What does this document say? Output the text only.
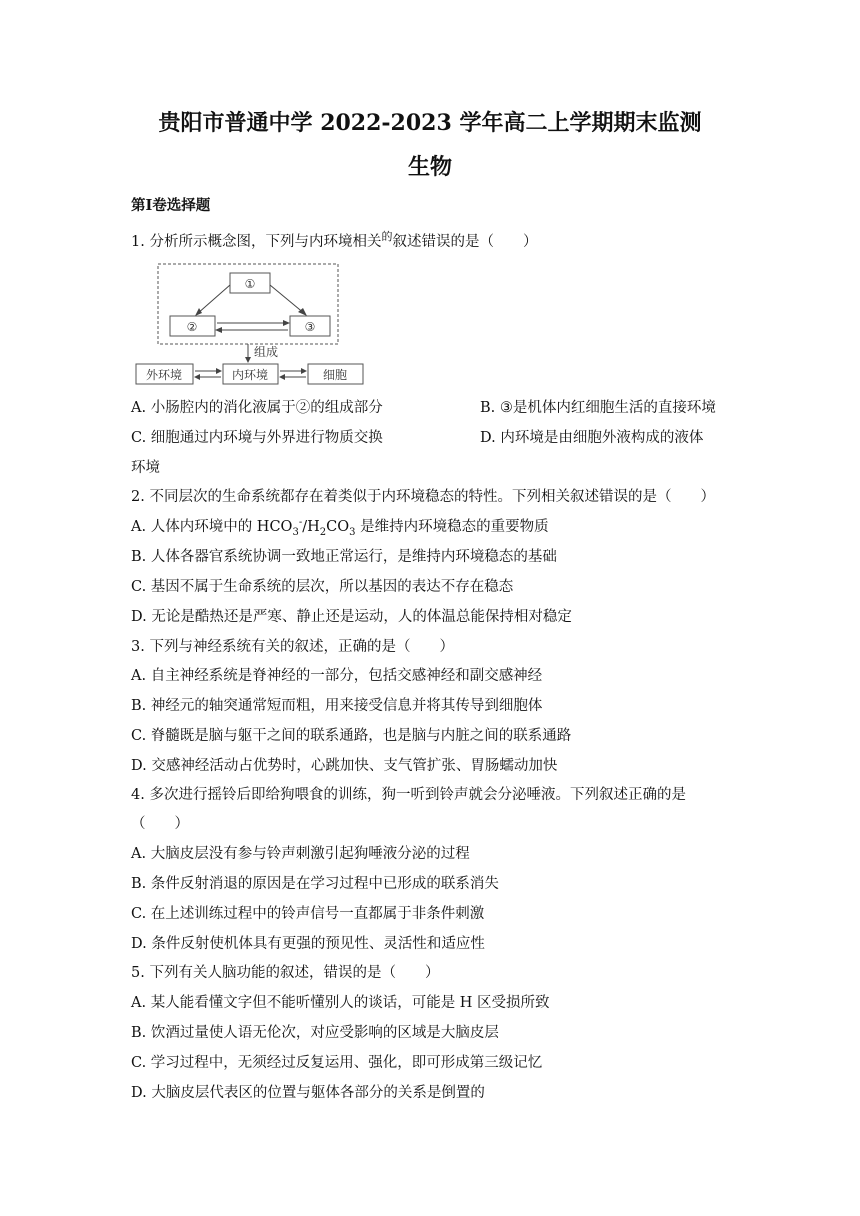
贵阳市普通中学 2022-2023 学年高二上学期期末监测
生物
第Ⅰ卷选择题
1. 分析所示概念图，下列与内环境相关$^的$叙述错误的是（　　）
①
②	③
组成
外环境	内环境	细胞
A. 小肠腔内的消化液属于②的组成部分	B. ③是机体内红细胞生活的直接环境
C. 细胞通过内环境与外界进行物质交换	D. 内环境是由细胞外液构成的液体
环境
2. 不同层次的生命系统都存在着类似于内环境稳态的特性。下列相关叙述错误的是（　　）
A. 人体内环境中的 $HCO_3^-/H_2CO_3$ 是维持内环境稳态的重要物质
B. 人体各器官系统协调一致地正常运行，是维持内环境稳态的基础
C. 基因不属于生命系统的层次，所以基因的表达不存在稳态
D. 无论是酷热还是严寒、静止还是运动，人的体温总能保持相对稳定
3. 下列与神经系统有关的叙述，正确的是（　　）
A. 自主神经系统是脊神经的一部分，包括交感神经和副交感神经
B. 神经元的轴突通常短而粗，用来接受信息并将其传导到细胞体
C. 脊髓既是脑与躯干之间的联系通路，也是脑与内脏之间的联系通路
D. 交感神经活动占优势时，心跳加快、支气管扩张、胃肠蠕动加快
4. 多次进行摇铃后即给狗喂食的训练，狗一听到铃声就会分泌唾液。下列叙述正确的是
（　　）
A. 大脑皮层没有参与铃声刺激引起狗唾液分泌的过程
B. 条件反射消退的原因是在学习过程中已形成的联系消失
C. 在上述训练过程中的铃声信号一直都属于非条件刺激
D. 条件反射使机体具有更强的预见性、灵活性和适应性
5. 下列有关人脑功能的叙述，错误的是（　　）
A. 某人能看懂文字但不能听懂别人的谈话，可能是 H 区受损所致
B. 饮酒过量使人语无伦次，对应受影响的区域是大脑皮层
C. 学习过程中，无须经过反复运用、强化，即可形成第三级记忆
D. 大脑皮层代表区的位置与躯体各部分的关系是倒置的
